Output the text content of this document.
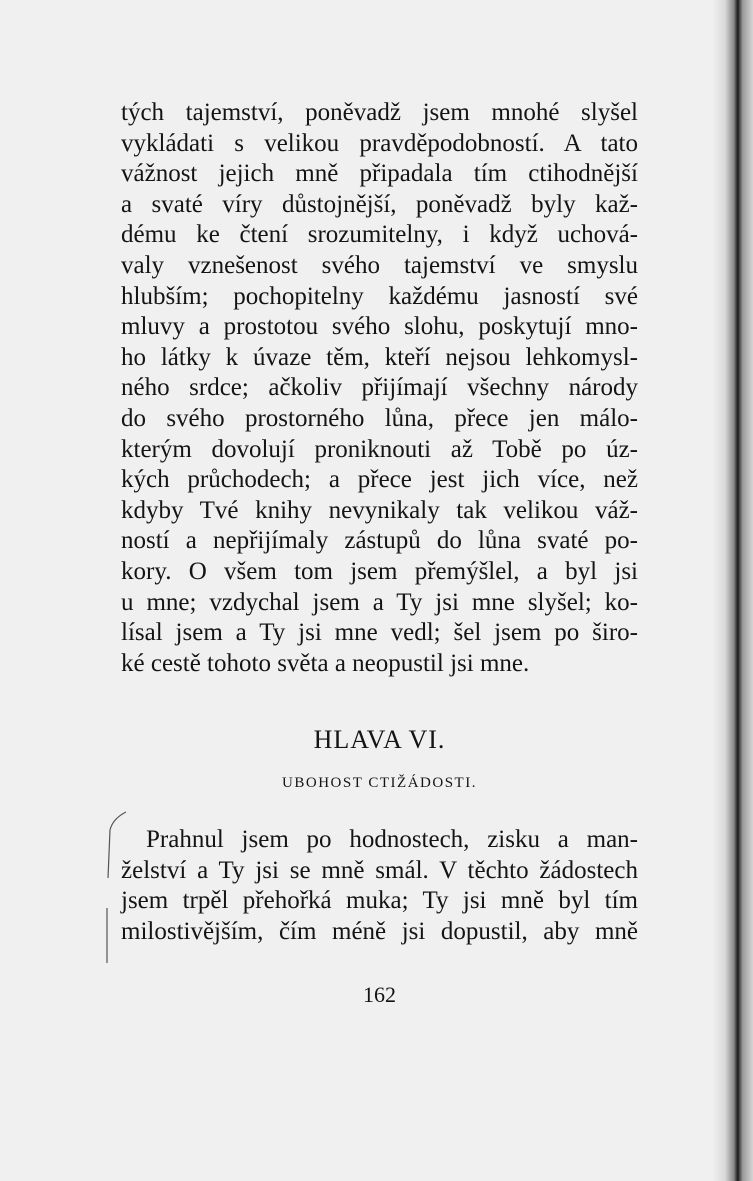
tých tajemství, poněvadž jsem mnohé slyšel
vykládati s velikou pravděpodobností. A tato
vážnost jejich mně připadala tím ctihodnější
a svaté víry důstojnější, poněvadž byly kaž-
dému ke čtení srozumitelny, i když uchová-
valy vznešenost svého tajemství ve smyslu
hlubším; pochopitelny každému jasností své
mluvy a prostotou svého slohu, poskytují mno-
ho látky k úvaze těm, kteří nejsou lehkomysl-
ného srdce; ačkoliv přijímají všechny národy
do svého prostorného lůna, přece jen málo-
kterým dovolují proniknouti až Tobě po úz-
kých průchodech; a přece jest jich více, než
kdyby Tvé knihy nevynikaly tak velikou váž-
ností a nepřijímaly zástupů do lůna svaté po-
kory. O všem tom jsem přemýšlel, a byl jsi
u mne; vzdychal jsem a Ty jsi mne slyšel; ko-
lísal jsem a Ty jsi mne vedl; šel jsem po širo-
ké cestě tohoto světa a neopustil jsi mne.
HLAVA VI.
UBOHOST CTIŽÁDOSTI.
Prahnul jsem po hodnostech, zisku a man-
želství a Ty jsi se mně smál. V těchto žádostech
jsem trpěl přehořká muka; Ty jsi mně byl tím
milostivějším, čím méně jsi dopustil, aby mně
162
